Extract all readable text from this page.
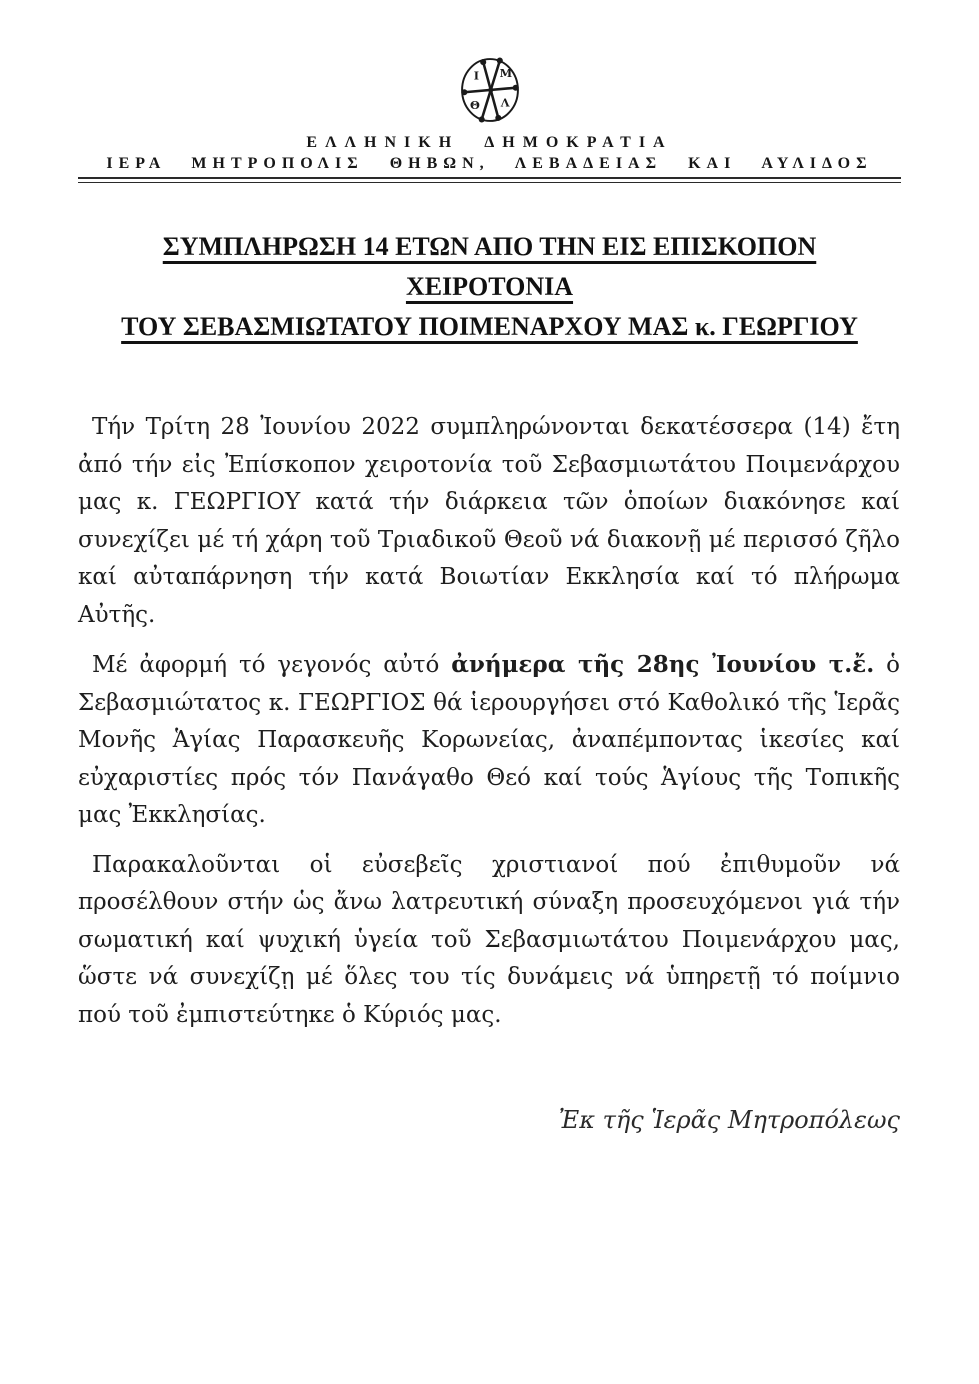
Ι Μ
Θ Λ
ΕΛΛΗΝΙΚΗ ΔΗΜΟΚΡΑΤΙΑ
ΙΕΡΑ ΜΗΤΡΟΠΟΛΙΣ ΘΗΒΩΝ, ΛΕΒΑΔΕΙΑΣ ΚΑΙ ΑΥΛΙΔΟΣ
ΣΥΜΠΛΗΡΩΣΗ 14 ΕΤΩΝ ΑΠΟ ΤΗΝ ΕΙΣ ΕΠΙΣΚΟΠΟΝ ΧΕΙΡΟΤΟΝΙΑ
ΤΟΥ ΣΕΒΑΣΜΙΩΤΑΤΟΥ ΠΟΙΜΕΝΑΡΧΟΥ ΜΑΣ κ. ΓΕΩΡΓΙΟΥ

Τήν Τρίτη 28 Ἰουνίου 2022 συμπληρώνονται δεκατέσσερα (14) ἔτη ἀπό τήν εἰς Ἐπίσκοπον χειροτονία τοῦ Σεβασμιωτάτου Ποιμενάρχου μας κ. ΓΕΩΡΓΙΟΥ κατά τήν διάρκεια τῶν ὁποίων διακόνησε καί συνεχίζει μέ τή χάρη τοῦ Τριαδικοῦ Θεοῦ νά διακονῇ μέ περισσό ζῆλο καί αὐταπάρνηση τήν κατά Βοιωτίαν Εκκλησία καί τό πλήρωμα Αὐτῆς.

Μέ ἀφορμή τό γεγονός αὐτό ἀνήμερα τῆς 28ης Ἰουνίου τ.ἔ. ὁ Σεβασμιώτατος κ. ΓΕΩΡΓΙΟΣ θά ἱερουργήσει στό Καθολικό τῆς Ἱερᾶς Μονῆς Ἁγίας Παρασκευῆς Κορωνείας, ἀναπέμποντας ἱκεσίες καί εὐχαριστίες πρός τόν Πανάγαθο Θεό καί τούς Ἁγίους τῆς Τοπικῆς μας Ἐκκλησίας.

Παρακαλοῦνται οἱ εὐσεβεῖς χριστιανοί πού ἐπιθυμοῦν νά προσέλθουν στήν ὡς ἄνω λατρευτική σύναξη προσευχόμενοι γιά τήν σωματική καί ψυχική ὑγεία τοῦ Σεβασμιωτάτου Ποιμενάρχου μας, ὥστε νά συνεχίζῃ μέ ὅλες του τίς δυνάμεις νά ὑπηρετῇ τό ποίμνιο πού τοῦ ἐμπιστεύτηκε ὁ Κύριός μας.

Ἐκ τῆς Ἱερᾶς Μητροπόλεως
